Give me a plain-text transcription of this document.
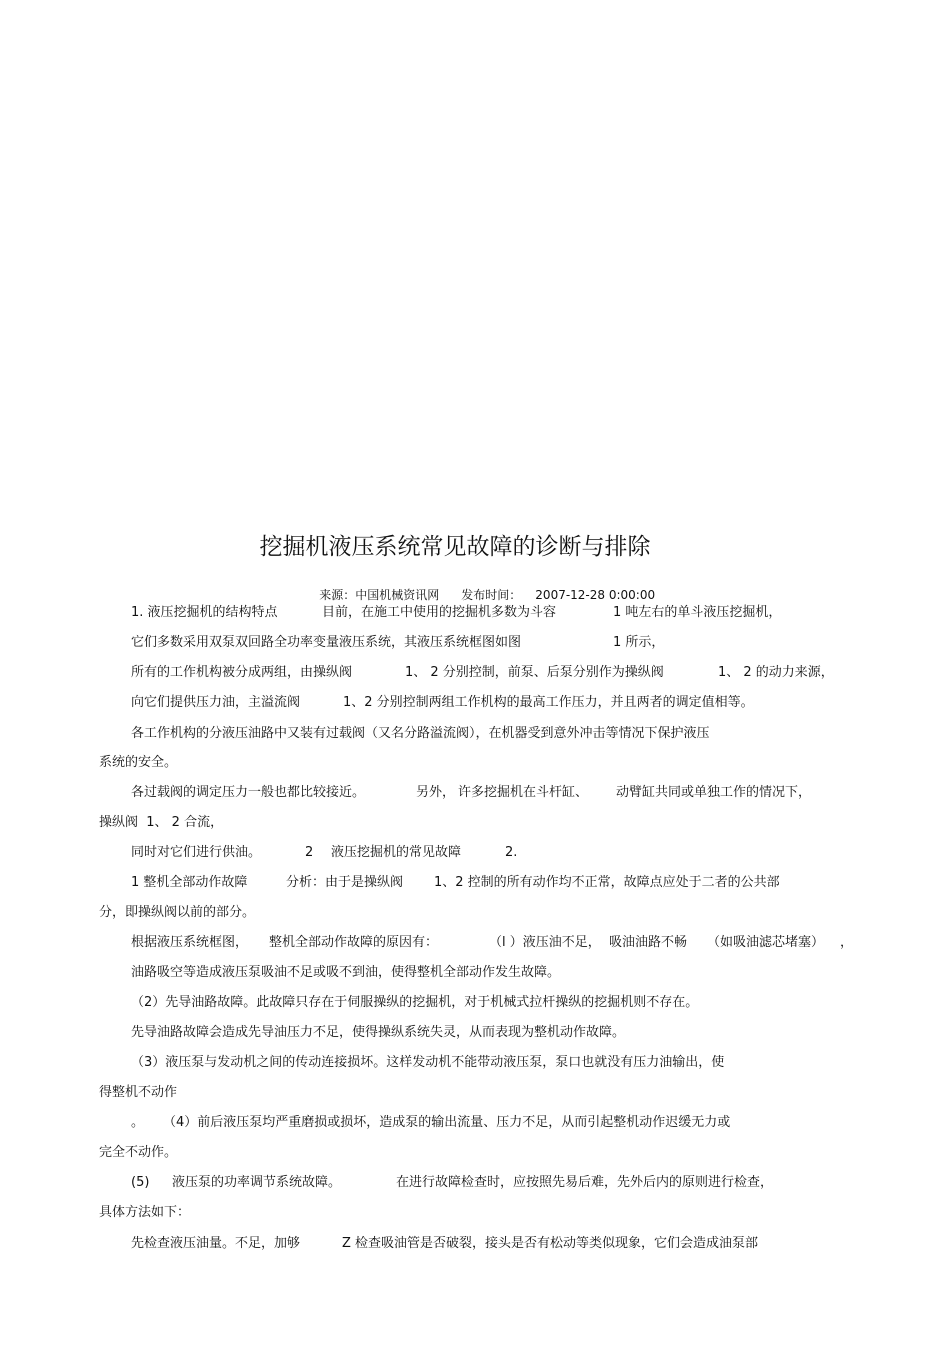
挖掘机液压系统常见故障的诊断与排除

来源：中国机械资讯网 发布时间： 2007-12-28 0:00:00

1. 液压挖掘机的结构特点	目前，在施工中使用的挖掘机多数为斗容	1 吨左右的单斗液压挖掘机，
它们多数采用双泵双回路全功率变量液压系统，其液压系统框图如图	1 所示，
所有的工作机构被分成两组，由操纵阀	1、 2 分别控制，前泵、后泵分别作为操纵阀	1、 2 的动力来源，
向它们提供压力油，主溢流阀	1、2 分别控制两组工作机构的最高工作压力，并且两者的调定值相等。
各工作机构的分液压油路中又装有过载阀（又名分路溢流阀），在机器受到意外冲击等情况下保护液压
系统的安全。
各过载阀的调定压力一般也都比较接近。	另外， 许多挖掘机在斗杆缸、 动臂缸共同或单独工作的情况下，
操纵阀  1、 2 合流，
同时对它们进行供油。	2 液压挖掘机的常见故障	2.
1 整机全部动作故障	分析：由于是操纵阀 1、2 控制的所有动作均不正常，故障点应处于二者的公共部
分，即操纵阀以前的部分。
根据液压系统框图， 整机全部动作故障的原因有：	（l ）液压油不足， 吸油油路不畅 （如吸油滤芯堵塞） ，
油路吸空等造成液压泵吸油不足或吸不到油，使得整机全部动作发生故障。
（2）先导油路故障。此故障只存在于伺服操纵的挖掘机，对于机械式拉杆操纵的挖掘机则不存在。
先导油路故障会造成先导油压力不足，使得操纵系统失灵，从而表现为整机动作故障。
（3）液压泵与发动机之间的传动连接损坏。这样发动机不能带动液压泵，泵口也就没有压力油输出，使
得整机不动作
。 （4）前后液压泵均严重磨损或损坏，造成泵的输出流量、压力不足，从而引起整机动作迟缓无力或
完全不动作。
(5) 液压泵的功率调节系统故障。	在进行故障检查时，应按照先易后难，先外后内的原则进行检查，
具体方法如下：
先检查液压油量。不足，加够	Z 检查吸油管是否破裂，接头是否有松动等类似现象，它们会造成油泵部
